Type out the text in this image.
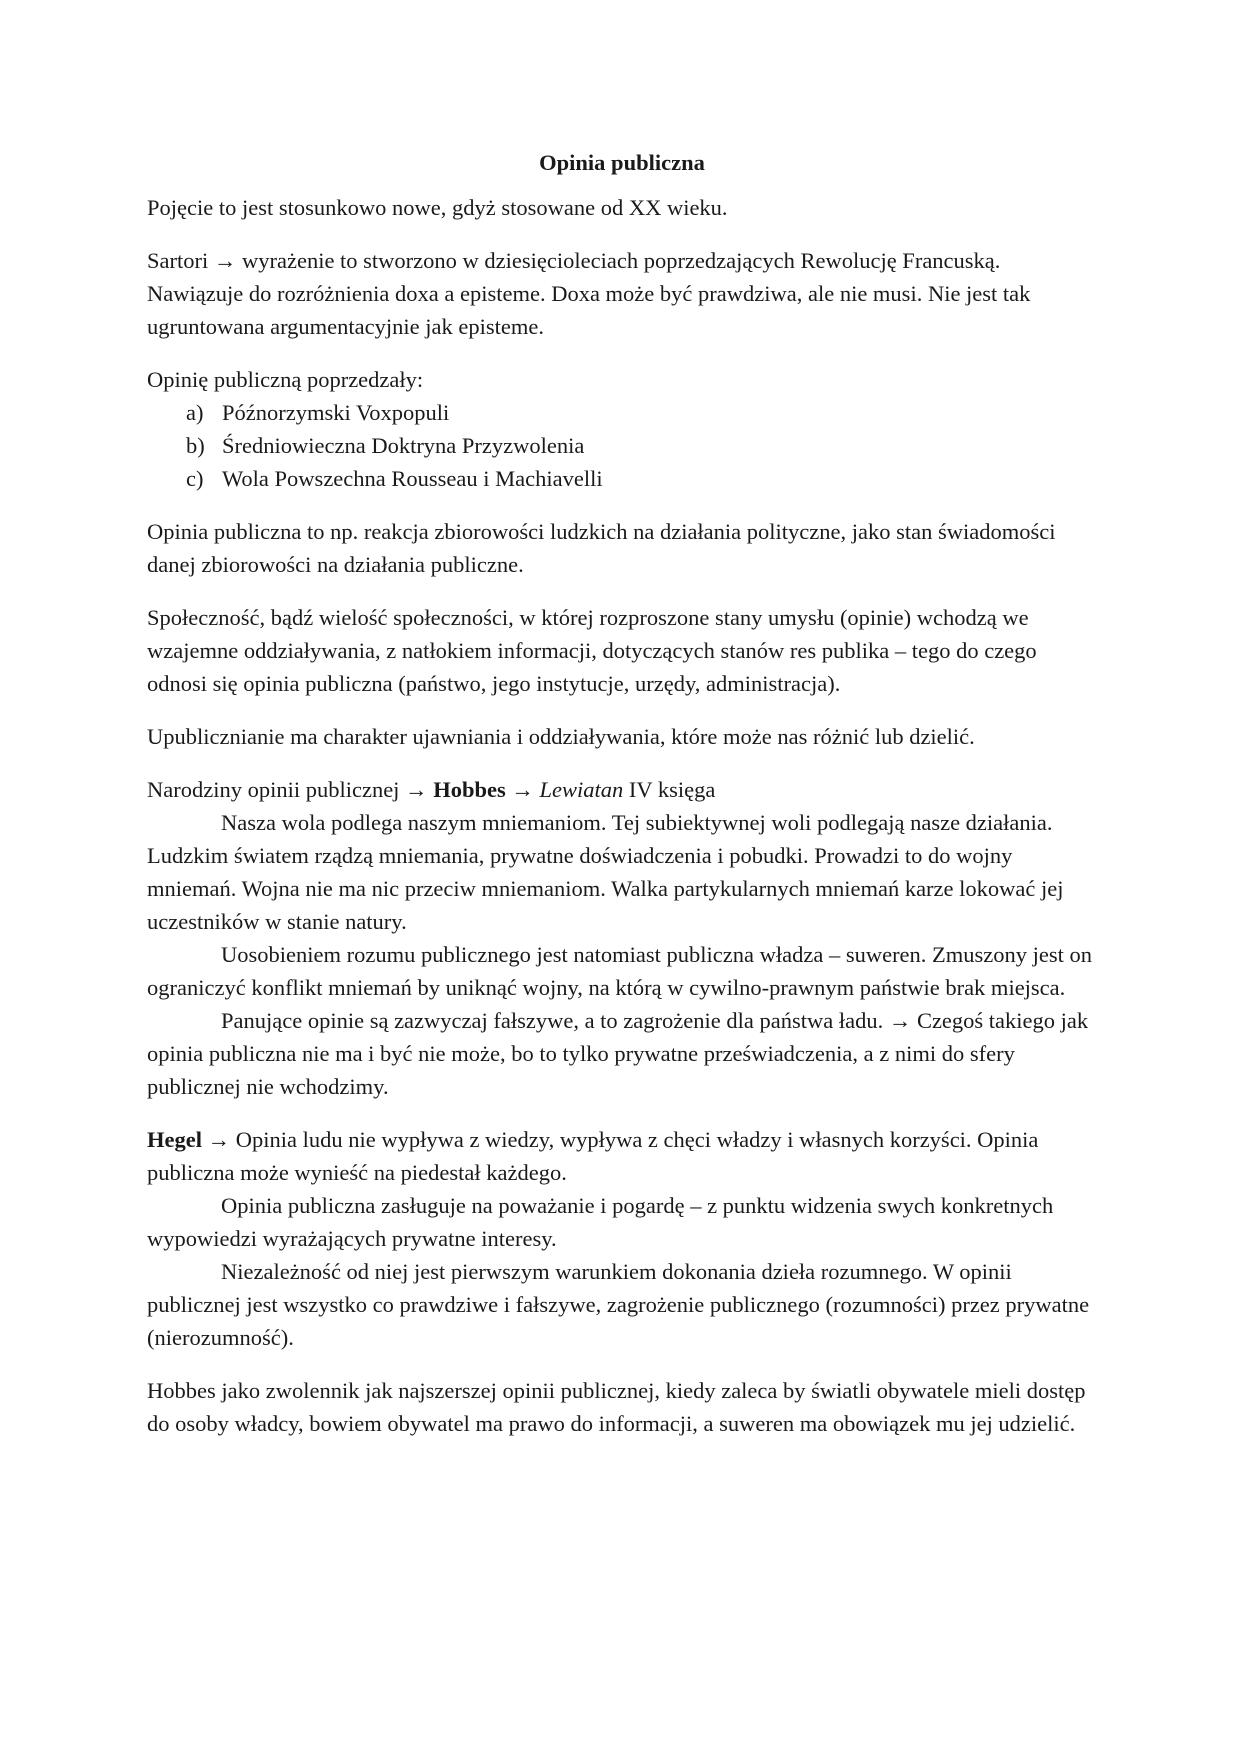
Opinia publiczna

Pojęcie to jest stosunkowo nowe, gdyż stosowane od XX wieku.

Sartori → wyrażenie to stworzono w dziesięcioleciach poprzedzających Rewolucję Francuską. Nawiązuje do rozróżnienia doxa a episteme. Doxa może być prawdziwa, ale nie musi. Nie jest tak ugruntowana argumentacyjnie jak episteme.

Opinię publiczną poprzedzały:

a) Późnorzymski Voxpopuli
b) Średniowieczna Doktryna Przyzwolenia
c) Wola Powszechna Rousseau i Machiavelli

Opinia publiczna to np. reakcja zbiorowości ludzkich na działania polityczne, jako stan świadomości danej zbiorowości na działania publiczne.

Społeczność, bądź wielość społeczności, w której rozproszone stany umysłu (opinie) wchodzą we wzajemne oddziaływania, z natłokiem informacji, dotyczących stanów res publika – tego do czego odnosi się opinia publiczna (państwo, jego instytucje, urzędy, administracja).

Upublicznianie ma charakter ujawniania i oddziaływania, które może nas różnić lub dzielić.

Narodziny opinii publicznej → Hobbes → Lewiatan IV księga

Nasza wola podlega naszym mniemaniom. Tej subiektywnej woli podlegają nasze działania. Ludzkim światem rządzą mniemania, prywatne doświadczenia i pobudki. Prowadzi to do wojny mniemań. Wojna nie ma nic przeciw mniemaniom. Walka partykularnych mniemań karze lokować jej uczestników w stanie natury.

Uosobieniem rozumu publicznego jest natomiast publiczna władza – suweren. Zmuszony jest on ograniczyć konflikt mniemań by uniknąć wojny, na którą w cywilno-prawnym państwie brak miejsca.

Panujące opinie są zazwyczaj fałszywe, a to zagrożenie dla państwa ładu. → Czegoś takiego jak opinia publiczna nie ma i być nie może, bo to tylko prywatne przeświadczenia, a z nimi do sfery publicznej nie wchodzimy.

Hegel → Opinia ludu nie wypływa z wiedzy, wypływa z chęci władzy i własnych korzyści. Opinia publiczna może wynieść na piedestał każdego.

Opinia publiczna zasługuje na poważanie i pogardę – z punktu widzenia swych konkretnych wypowiedzi wyrażających prywatne interesy.

Niezależność od niej jest pierwszym warunkiem dokonania dzieła rozumnego. W opinii publicznej jest wszystko co prawdziwe i fałszywe, zagrożenie publicznego (rozumności) przez prywatne (nierozumność).

Hobbes jako zwolennik jak najszerszej opinii publicznej, kiedy zaleca by światli obywatele mieli dostęp do osoby władcy, bowiem obywatel ma prawo do informacji, a suweren ma obowiązek mu jej udzielić.
